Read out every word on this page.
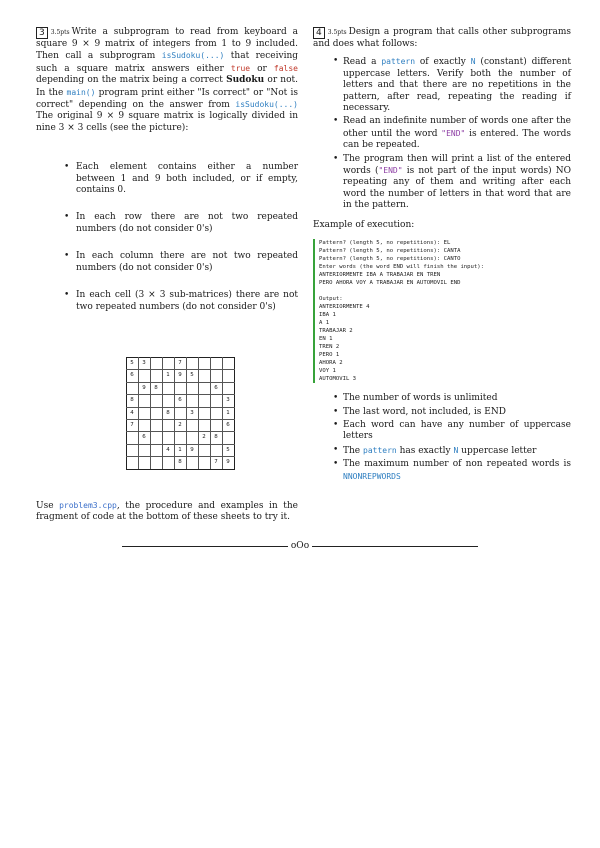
3 3.5pts Write a subprogram to read from keyboard a square 9 × 9 matrix of integers from 1 to 9 included. Then call a subprogram isSudoku(...) that receiving such a square matrix answers either true or false depending on the matrix being a correct Sudoku or not. In the main() program print either "Is correct" or "Not is correct" depending on the answer from isSudoku(...) The original 9 × 9 square matrix is logically divided in nine 3 × 3 cells (see the picture):
• Each element contains either a number between 1 and 9 both included, or if empty, contains 0.
• In each row there are not two repeated numbers (do not consider 0's)
• In each column there are not two repeated numbers (do not consider 0's)
• In each cell (3 × 3 sub-matrices) there are not two repeated numbers (do not consider 0's)
5	3			7				
6			1	9	5			
	9	8					6	
8				6				3
4			8		3			1
7				2				6
	6					2	8	
			4	1	9			5
				8			7	9
Use problem3.cpp, the procedure and examples in the fragment of code at the bottom of these sheets to try it.
4 3.5pts Design a program that calls other subprograms and does what follows:
• Read a pattern of exactly N (constant) different uppercase letters. Verify both the number of letters and that there are no repetitions in the pattern, after read, repeating the reading if necessary.
• Read an indefinite number of words one after the other until the word "END" is entered. The words can be repeated.
• The program then will print a list of the entered words ("END" is not part of the input words) NO repeating any of them and writing after each word the number of letters in that word that are in the pattern.
Example of execution:
Pattern? (length 5, no repetitions): EL
Pattern? (length 5, no repetitions): CANTA
Pattern? (length 5, no repetitions): CANTO
Enter words (the word END will finish the input):
ANTERIORMENTE IBA A TRABAJAR EN TREN
PERO AHORA VOY A TRABAJAR EN AUTOMOVIL END

Output:
ANTERIORMENTE 4
IBA 1
A 1
TRABAJAR 2
EN 1
TREN 2
PERO 1
AHORA 2
VOY 1
AUTOMOVIL 3
• The number of words is unlimited
• The last word, not included, is END
• Each word can have any number of uppercase letters
• The pattern has exactly N uppercase letter
• The maximum number of non repeated words is NNONREPWORDS
oOo
